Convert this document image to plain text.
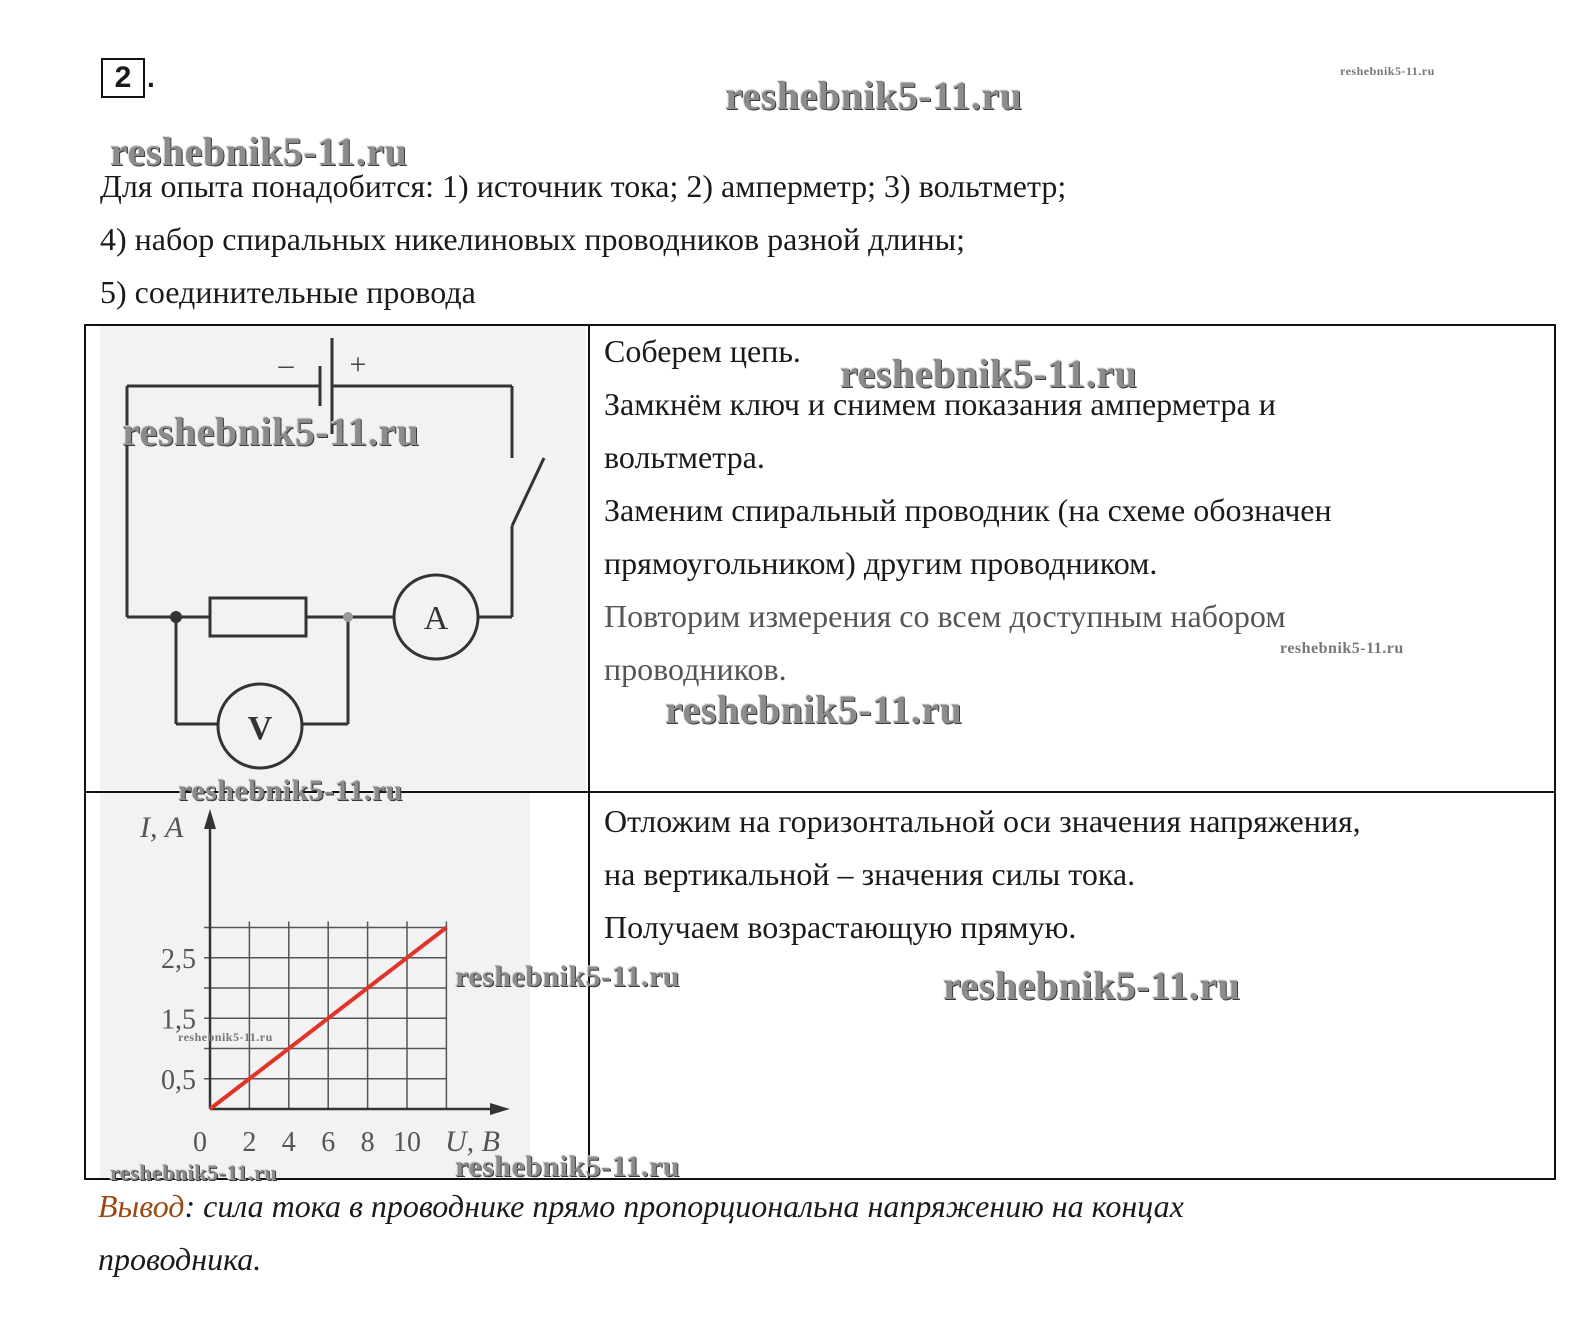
2 .	reshebnik5-11.ru
reshebnik5-11.ru
reshebnik5-11.ru
Для опыта понадобится: 1) источник тока; 2) амперметр; 3) вольтметр;
4) набор спиральных никелиновых проводников разной длины;
5) соединительные провода
– +
A
V
reshebnik5-11.ru
Соберем цепь.
Замкнём ключ и снимем показания амперметра и
вольтметра.
Заменим спиральный проводник (на схеме обозначен
прямоугольником) другим проводником.
Повторим измерения со всем доступным набором
проводников.
reshebnik5-11.ru
reshebnik5-11.ru
reshebnik5-11.ru
I, А
U, В
0 2 4 6 8 10
0,5
1,5
2,5
reshebnik5-11.ru
reshebnik5-11.ru
reshebnik5-11.ru
reshebnik5-11.ru	reshebnik5-11.ru
Отложим на горизонтальной оси значения напряжения,
на вертикальной – значения силы тока.
Получаем возрастающую прямую.
reshebnik5-11.ru
Вывод: сила тока в проводнике прямо пропорциональна напряжению на концах
проводника.
